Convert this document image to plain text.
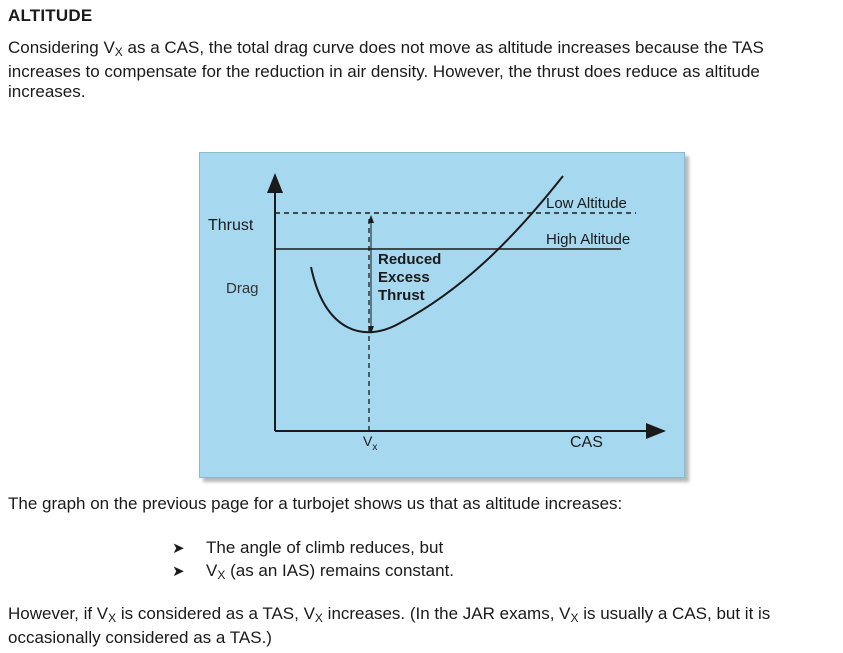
ALTITUDE
Considering $V_X$ as a CAS, the total drag curve does not move as altitude increases because the TAS increases to compensate for the reduction in air density. However, the thrust does reduce as altitude increases.
Thrust
Drag
Low Altitude
High Altitude
Reduced
Excess
Thrust
$V_x$	CAS
The graph on the previous page for a turbojet shows us that as altitude increases:
➤	The angle of climb reduces, but
➤	$V_X$ (as an IAS) remains constant.
However, if $V_X$ is considered as a TAS, $V_X$ increases. (In the JAR exams, $V_X$ is usually a CAS, but it is occasionally considered as a TAS.)
